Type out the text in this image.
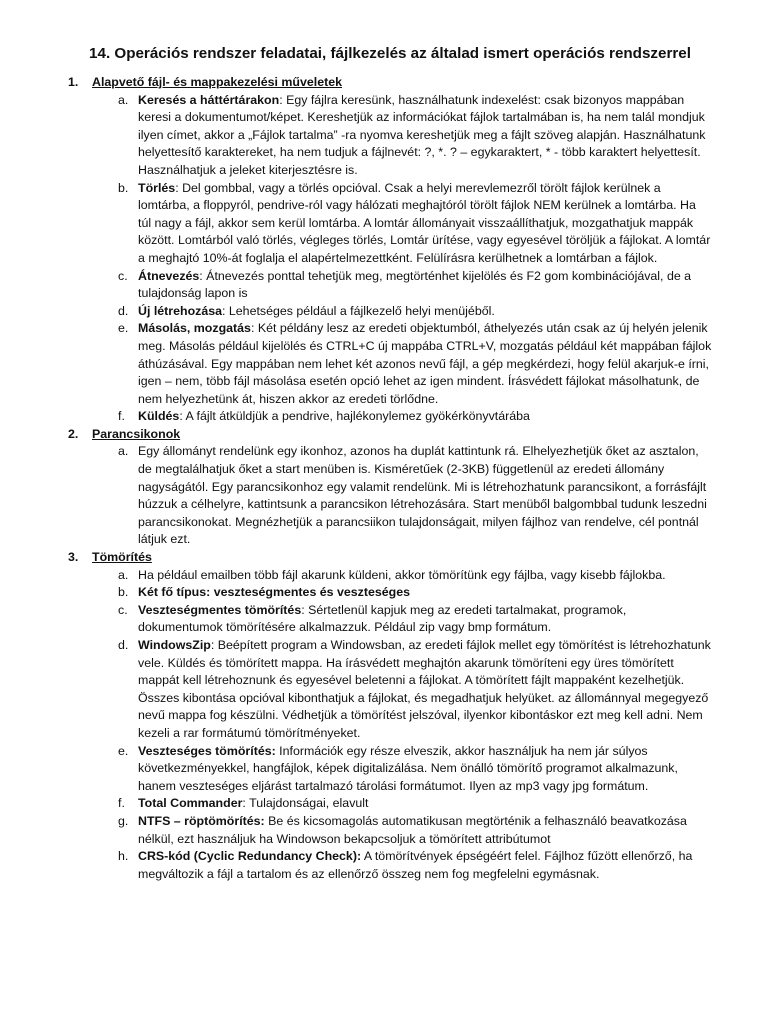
14. Operációs rendszer feladatai, fájlkezelés az általad ismert operációs rendszerrel
1. Alapvető fájl- és mappakezelési műveletek
a. Keresés a háttértárakon: Egy fájlra keresünk, használhatunk indexelést: csak bizonyos mappában keresi a dokumentumot/képet. Kereshetjük az információkat fájlok tartalmában is, ha nem talál mondjuk ilyen címet, akkor a „Fájlok tartalma” -ra nyomva kereshetjük meg a fájlt szöveg alapján. Használhatunk helyettesítő karaktereket, ha nem tudjuk a fájlnevét: ?, *. ? – egykaraktert, * - több karaktert helyettesít. Használhatjuk a jeleket kiterjesztésre is.
b. Törlés: Del gombbal, vagy a törlés opcióval. Csak a helyi merevlemezről törölt fájlok kerülnek a lomtárba, a floppyról, pendrive-ról vagy hálózati meghajtóról törölt fájlok NEM kerülnek a lomtárba. Ha túl nagy a fájl, akkor sem kerül lomtárba. A lomtár állományait visszaállíthatjuk, mozgathatjuk mappák között. Lomtárból való törlés, végleges törlés, Lomtár ürítése, vagy egyesével töröljük a fájlokat. A lomtár a meghajtó 10%-át foglalja el alapértelmezettként. Felülírásra kerülhetnek a lomtárban a fájlok.
c. Átnevezés: Átnevezés ponttal tehetjük meg, megtörténhet kijelölés és F2 gom kombinációjával, de a tulajdonság lapon is
d. Új létrehozása: Lehetséges például a fájlkezelő helyi menüjéből.
e. Másolás, mozgatás: Két példány lesz az eredeti objektumból, áthelyezés után csak az új helyén jelenik meg. Másolás például kijelölés és CTRL+C új mappába CTRL+V, mozgatás például két mappában fájlok áthúzásával. Egy mappában nem lehet két azonos nevű fájl, a gép megkérdezi, hogy felül akarjuk-e írni, igen – nem, több fájl másolása esetén opció lehet az igen mindent. Írásvédett fájlokat másolhatunk, de nem helyezhetünk át, hiszen akkor az eredeti törlődne.
f. Küldés: A fájlt átküldjük a pendrive, hajlékonylemez gyökérkönyvtárába
2. Parancsikonok
a. Egy állományt rendelünk egy ikonhoz, azonos ha duplát kattintunk rá. Elhelyezhetjük őket az asztalon, de megtalálhatjuk őket a start menüben is. Kisméretűek (2-3KB) függetlenül az eredeti állomány nagyságától. Egy parancsikonhoz egy valamit rendelünk. Mi is létrehozhatunk parancsikont, a forrásfájlt húzzuk a célhelyre, kattintsunk a parancsikon létrehozására. Start menüből balgombbal tudunk leszedni parancsikonokat. Megnézhetjük a parancsiikon tulajdonságait, milyen fájlhoz van rendelve, cél pontnál látjuk ezt.
3. Tömörítés
a. Ha például emailben több fájl akarunk küldeni, akkor tömörítünk egy fájlba, vagy kisebb fájlokba.
b. Két fő típus: veszteségmentes és veszteséges
c. Veszteségmentes tömörítés: Sértetlenül kapjuk meg az eredeti tartalmakat, programok, dokumentumok tömörítésére alkalmazzuk. Például zip vagy bmp formátum.
d. WindowsZip: Beépített program a Windowsban, az eredeti fájlok mellet egy tömörítést is létrehozhatunk vele. Küldés és tömörített mappa. Ha írásvédett meghajtón akarunk tömöríteni egy üres tömörített mappát kell létrehoznunk és egyesével beletenni a fájlokat. A tömörített fájlt mappaként kezelhetjük. Összes kibontása opcióval kibonthatjuk a fájlokat, és megadhatjuk helyüket. az állománnyal megegyező nevű mappa fog készülni. Védhetjük a tömörítést jelszóval, ilyenkor kibontáskor ezt meg kell adni. Nem kezeli a rar formátumú tömörítményeket.
e. Veszteséges tömörítés: Információk egy része elveszik, akkor használjuk ha nem jár súlyos következményekkel, hangfájlok, képek digitalizálása. Nem önálló tömörítő programot alkalmazunk, hanem veszteséges eljárást tartalmazó tárolási formátumot. Ilyen az mp3 vagy jpg formátum.
f. Total Commander: Tulajdonságai, elavult
g. NTFS – röptömörítés: Be és kicsomagolás automatikusan megtörténik a felhasználó beavatkozása nélkül, ezt használjuk ha Windowson bekapcsoljuk a tömörített attribútumot
h. CRS-kód (Cyclic Redundancy Check): A tömörítvények épségéért felel. Fájlhoz fűzött ellenőrző, ha megváltozik a fájl a tartalom és az ellenőrző összeg nem fog megfelelni egymásnak.
